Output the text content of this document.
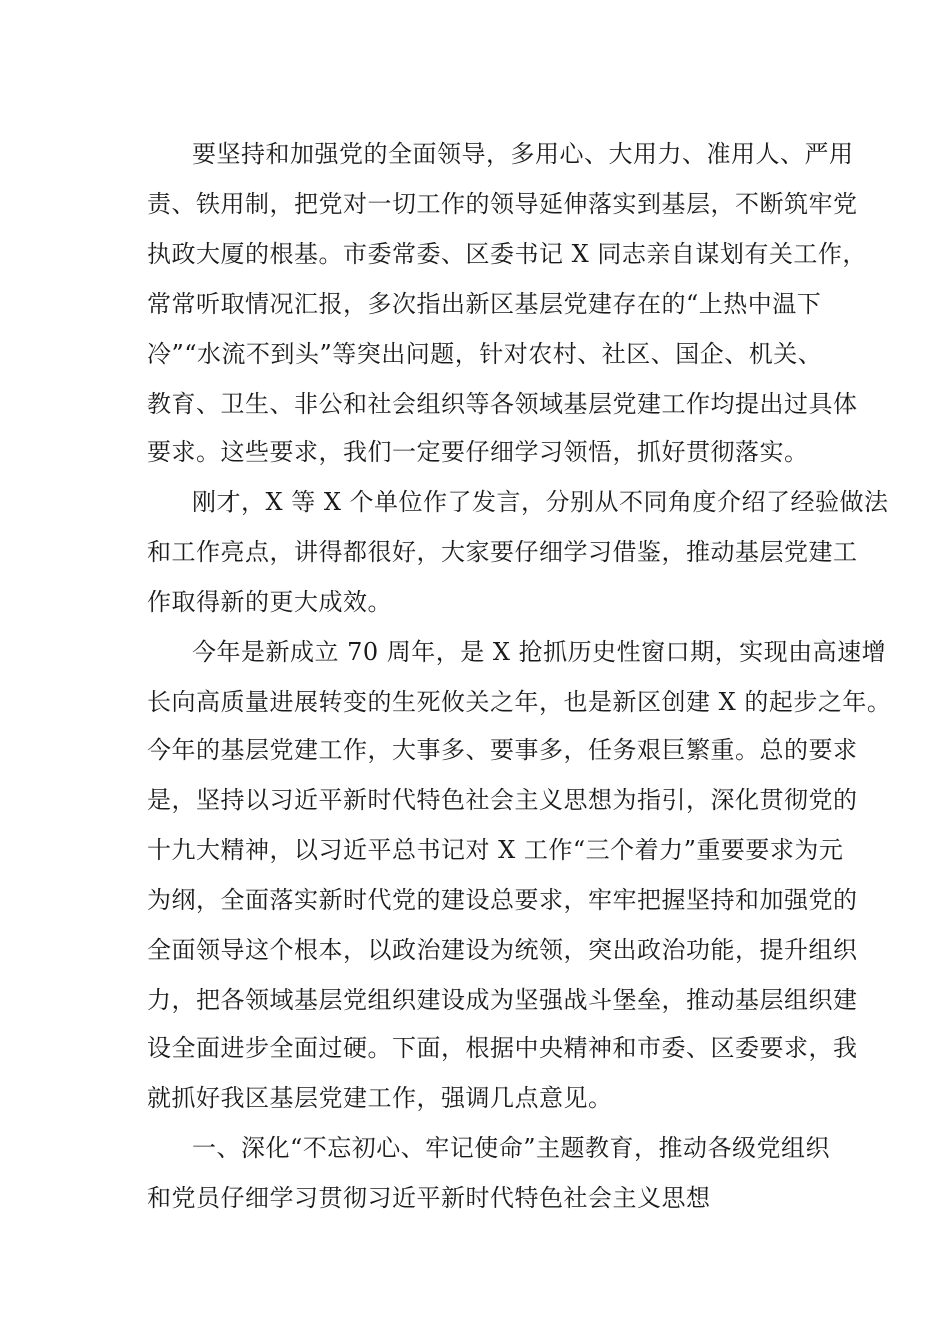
要坚持和加强党的全面领导，多用心、大用力、准用人、严用
责、铁用制，把党对一切工作的领导延伸落实到基层，不断筑牢党
执政大厦的根基。市委常委、区委书记 X 同志亲自谋划有关工作，
常常听取情况汇报，多次指出新区基层党建存在的“上热中温下
冷”“水流不到头”等突出问题，针对农村、社区、国企、机关、
教育、卫生、非公和社会组织等各领域基层党建工作均提出过具体
要求。这些要求，我们一定要仔细学习领悟，抓好贯彻落实。
刚才，X 等 X 个单位作了发言，分别从不同角度介绍了经验做法
和工作亮点，讲得都很好，大家要仔细学习借鉴，推动基层党建工
作取得新的更大成效。
今年是新成立 70 周年，是 X 抢抓历史性窗口期，实现由高速增
长向高质量进展转变的生死攸关之年，也是新区创建 X 的起步之年。
今年的基层党建工作，大事多、要事多，任务艰巨繁重。总的要求
是，坚持以习近平新时代特色社会主义思想为指引，深化贯彻党的
十九大精神，以习近平总书记对 X 工作“三个着力”重要要求为元
为纲，全面落实新时代党的建设总要求，牢牢把握坚持和加强党的
全面领导这个根本，以政治建设为统领，突出政治功能，提升组织
力，把各领域基层党组织建设成为坚强战斗堡垒，推动基层组织建
设全面进步全面过硬。下面，根据中央精神和市委、区委要求，我
就抓好我区基层党建工作，强调几点意见。
一、深化“不忘初心、牢记使命”主题教育，推动各级党组织
和党员仔细学习贯彻习近平新时代特色社会主义思想
